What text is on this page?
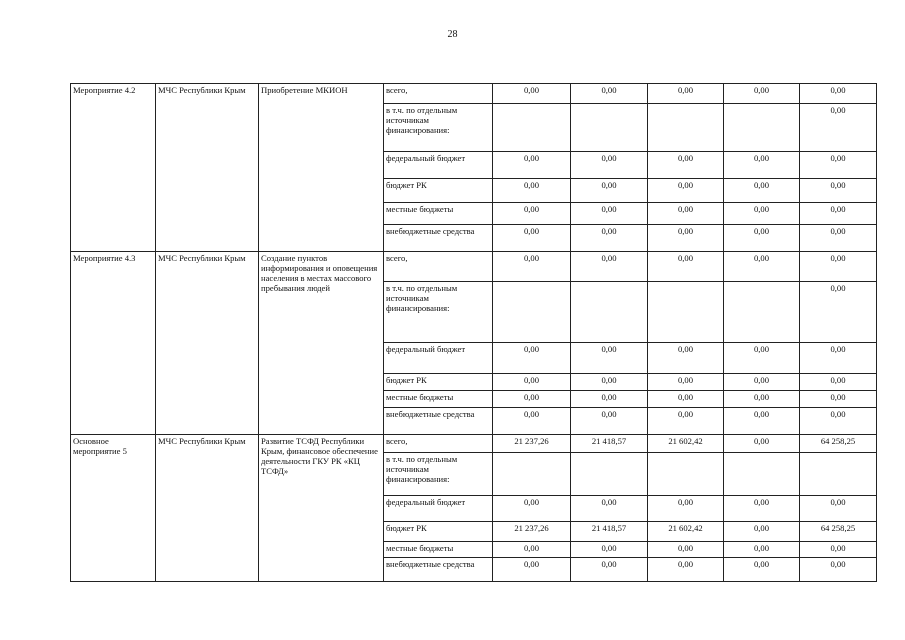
28
Мероприятие 4.2	МЧС Республики Крым	Приобретение МКИОН	всего,	0,00	0,00	0,00	0,00	0,00
			в т.ч. по отдельным источникам финансирования:					0,00
			федеральный бюджет	0,00	0,00	0,00	0,00	0,00
			бюджет РК	0,00	0,00	0,00	0,00	0,00
			местные бюджеты	0,00	0,00	0,00	0,00	0,00
			внебюджетные средства	0,00	0,00	0,00	0,00	0,00
Мероприятие 4.3	МЧС Республики Крым	Создание пунктов информирования и оповещения населения в местах массового пребывания людей	всего,	0,00	0,00	0,00	0,00	0,00
			в т.ч. по отдельным источникам финансирования:					0,00
			федеральный бюджет	0,00	0,00	0,00	0,00	0,00
			бюджет РК	0,00	0,00	0,00	0,00	0,00
			местные бюджеты	0,00	0,00	0,00	0,00	0,00
			внебюджетные средства	0,00	0,00	0,00	0,00	0,00
Основное мероприятие 5	МЧС Республики Крым	Развитие ТСФД Республики Крым, финансовое обеспечение деятельности ГКУ РК «КЦ ТСФД»	всего,	21 237,26	21 418,57	21 602,42	0,00	64 258,25
			в т.ч. по отдельным источникам финансирования:					
			федеральный бюджет	0,00	0,00	0,00	0,00	0,00
			бюджет РК	21 237,26	21 418,57	21 602,42	0,00	64 258,25
			местные бюджеты	0,00	0,00	0,00	0,00	0,00
			внебюджетные средства	0,00	0,00	0,00	0,00	0,00
